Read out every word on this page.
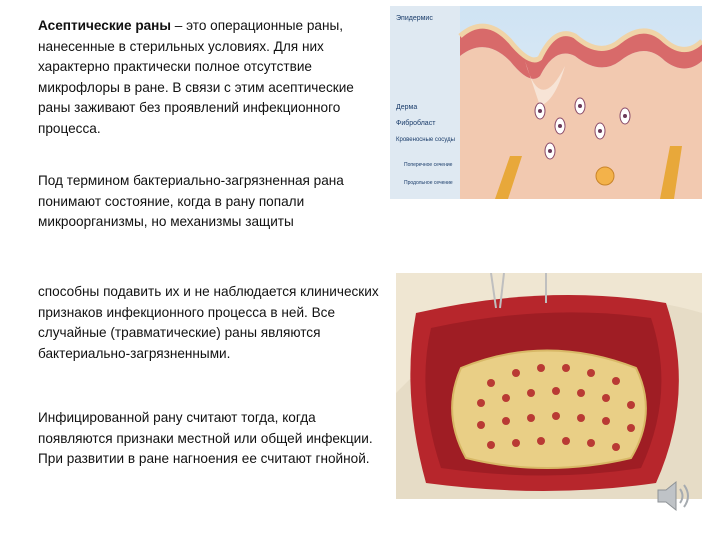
Асептические раны – это операционные раны, нанесенные в стерильных условиях. Для них характерно практически полное отсутствие микрофлоры в ране. В связи с этим асептические раны заживают без проявлений инфекционного процесса.

Под термином бактериально-загрязненная рана понимают состояние, когда в рану попали микроорганизмы, но механизмы защиты

способны подавить их и не наблюдается клинических признаков инфекционного процесса в ней. Все случайные (травматические) раны являются бактериально-загрязненными.

Инфицированной рану считают тогда, когда появляются признаки местной или общей инфекции. При развитии в ране нагноения ее считают гнойной.

Эпидермис
Дерма
Фибробласт
Кровеносные сосуды
Поперечное сечение
Продольное сечение
